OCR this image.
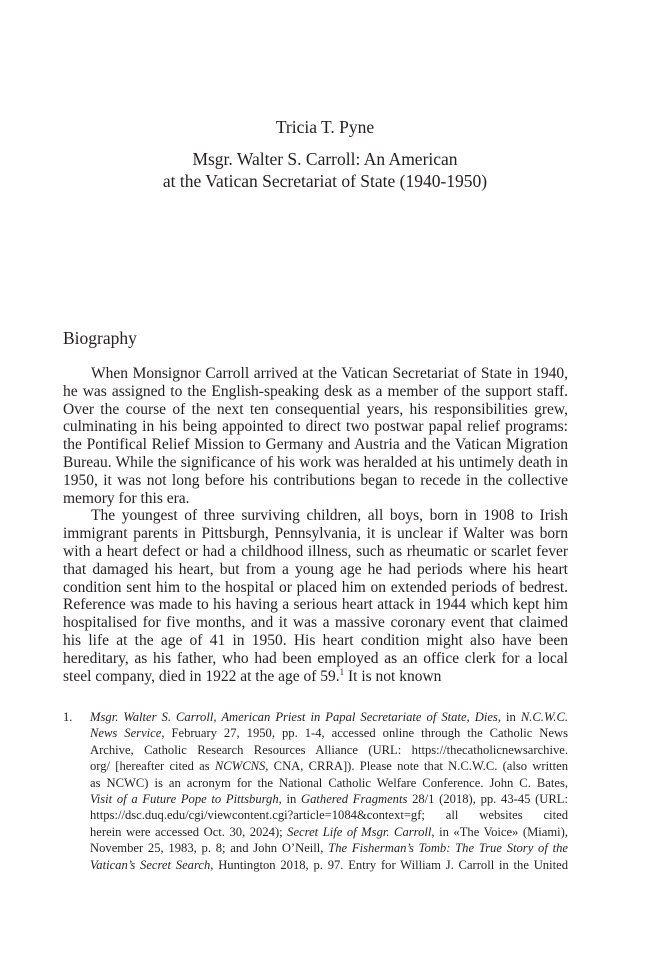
Tricia T. Pyne
Msgr. Walter S. Carroll: An American
at the Vatican Secretariat of State (1940-1950)
Biography

When Monsignor Carroll arrived at the Vatican Secretariat of State in 1940, he was assigned to the English-speaking desk as a member of the support staff. Over the course of the next ten consequential years, his responsibilities grew, culminating in his being appointed to direct two postwar papal relief programs: the Pontifical Relief Mission to Germany and Austria and the Vatican Migration Bureau. While the significance of his work was heralded at his untimely death in 1950, it was not long before his contributions began to recede in the collective memory for this era.

The youngest of three surviving children, all boys, born in 1908 to Irish immigrant parents in Pittsburgh, Pennsylvania, it is unclear if Walter was born with a heart defect or had a childhood illness, such as rheumatic or scarlet fever that damaged his heart, but from a young age he had periods where his heart condition sent him to the hospital or placed him on extended periods of bedrest. Reference was made to his having a serious heart attack in 1944 which kept him hospitalised for five months, and it was a massive coronary event that claimed his life at the age of 41 in 1950. His heart condition might also have been hereditary, as his father, who had been employed as an office clerk for a local steel company, died in 1922 at the age of 59.$^1$ It is not known

1. Msgr. Walter S. Carroll, American Priest in Papal Secretariate of State, Dies, in N.C.W.C.
News Service, February 27, 1950, pp. 1-4, accessed online through the Catholic News
Archive, Catholic Research Resources Alliance (URL: https://thecatholicnewsarchive.
org/ [hereafter cited as NCWCNS, CNA, CRRA]). Please note that N.C.W.C. (also written
as NCWC) is an acronym for the National Catholic Welfare Conference. John C. Bates,
Visit of a Future Pope to Pittsburgh, in Gathered Fragments 28/1 (2018), pp. 43-45 (URL:
https://dsc.duq.edu/cgi/viewcontent.cgi?article=1084&context=gf; all websites cited
herein were accessed Oct. 30, 2024); Secret Life of Msgr. Carroll, in «The Voice» (Miami),
November 25, 1983, p. 8; and John O’Neill, The Fisherman’s Tomb: The True Story of the
Vatican’s Secret Search, Huntington 2018, p. 97. Entry for William J. Carroll in the United
